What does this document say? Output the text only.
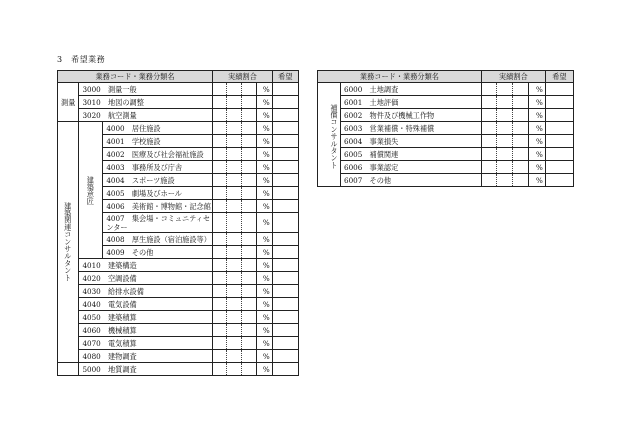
3　希望業務
業務コード・業務分類名			実績割合				希望
測量	3000　 測量一般					%	
	3010　 地図の調整					%	
	3020　 航空測量					%	
建築関連コンサルタント	建築意匠	4000　 居住施設				%	
		4001　 学校施設				%	
		4002　 医療及び社会福祉施設				%	
		4003　 事務所及び庁舎				%	
		4004　 スポーツ施設				%	
		4005　 劇場及びホール				%	
		4006　 美術館・博物館・記念館				%	
		4007　 集会場・コミュニティセンター				%	
		4008　 厚生施設（宿泊施設等）				%	
		4009　 その他				%	
	4010　 建築構造					%	
	4020　 空調設備					%	
	4030　 給排水設備					%	
	4040　 電気設備					%	
	4050　 建築積算					%	
	4060　 機械積算					%	
	4070　 電気積算					%	
	4080　 建物調査					%	
	5000　 地質調査					%	
業務コード・業務分類名		実績割合				希望
補償コンサルタント	6000　 土地調査				%	
	6001　 土地評価				%	
	6002　 物件及び機械工作物				%	
	6003　 営業補償・特殊補償				%	
	6004　 事業損失				%	
	6005　 補償関連				%	
	6006　 事業認定				%	
	6007　 その他				%	
